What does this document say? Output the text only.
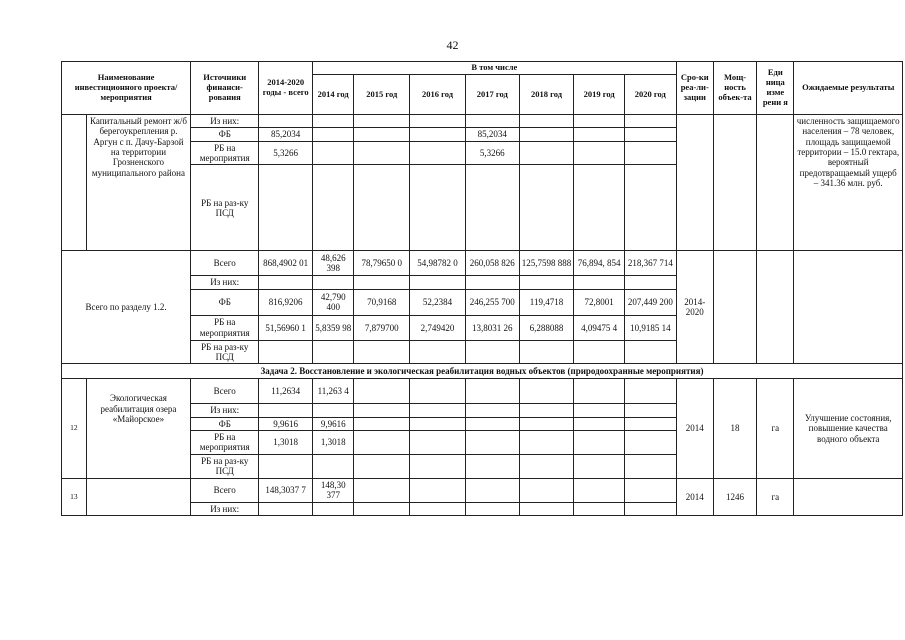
42
Наименование инвестиционного проекта/мероприятия		Источники финанси-рования	2014-2020 годы - всего	В том числе							Сро-ки реа-ли-зации	Мощ-ность объек-та	Еди ница изме рени я	Ожидаемые результаты
				2014 год	2015 год	2016 год	2017 год	2018 год	2019 год	2020 год				
	Капитальный ремонт ж/б берегоукрепления р. Аргун с п. Дачу-Барзой на территории Грозненского муниципального района	Из них:												численность защищаемого населения – 78 человек, площадь защищаемой территории – 15.0 гектара, вероятный предотвращаемый ущерб – 341.36 млн. руб.
		ФБ	85,2034				85,2034							
		РБ на мероприятия	5,3266				5,3266							
		РБ на раз-ку ПСД												
Всего по разделу 1.2.		Всего	868,4902 01	48,626 398	78,79650 0	54,98782 0	260,058 826	125,7598 888	76,894, 854	218,367 714	2014-2020			
		Из них:												
		ФБ	816,9206	42,790 400	70,9168	52,2384	246,255 700	119,4718	72,8001	207,449 200				
		РБ на мероприятия	51,56960 1	5,8359 98	7,879700	2,749420	13,8031 26	6,288088	4,09475 4	10,9185 14				
		РБ на раз-ку ПСД												
Задача 2. Восстановление и экологическая реабилитация водных объектов (природоохранные мероприятия)														
12	Экологическая реабилитация озера «Майорское»	Всего	11,2634	11,263 4							2014	18	га	Улучшение состояния, повышение качества водного объекта
		Из них:												
		ФБ	9,9616	9,9616										
		РБ на мероприятия	1,3018	1,3018										
		РБ на раз-ку ПСД												
13		Всего	148,3037 7	148,30 377							2014	1246	га	
		Из них:												
